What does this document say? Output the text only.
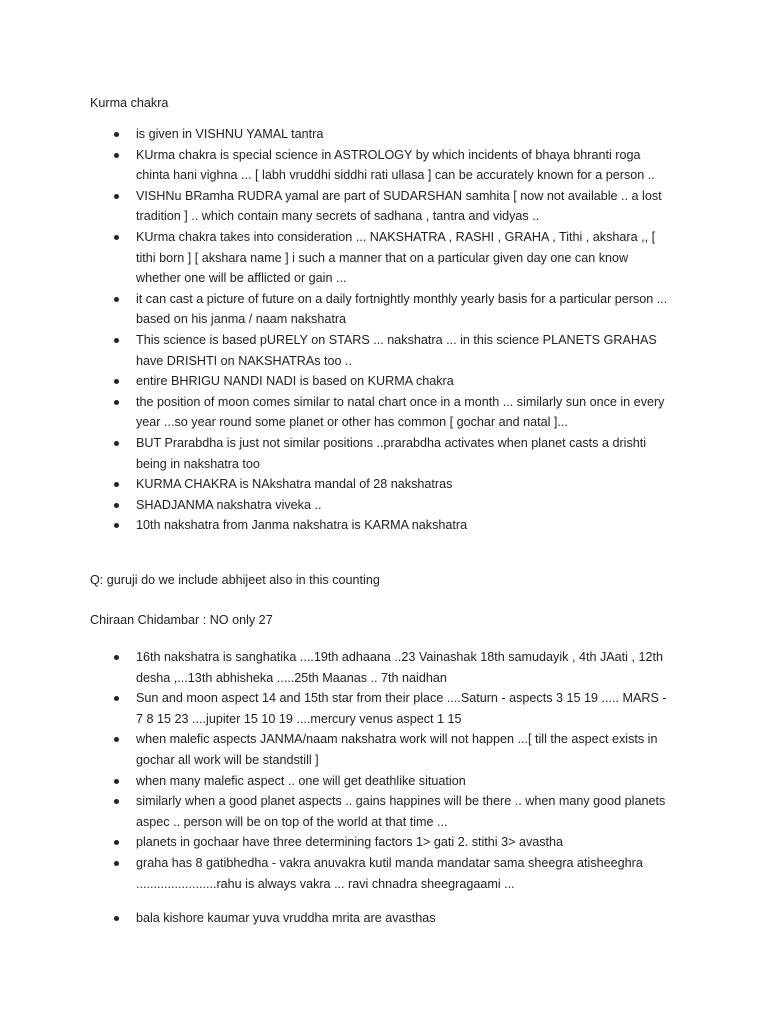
Kurma chakra

is given in VISHNU YAMAL tantra
KUrma chakra is special science in ASTROLOGY by which incidents of bhaya bhranti roga chinta hani vighna ... [ labh vruddhi siddhi rati ullasa ] can be accurately known for a person ..
VISHNu BRamha RUDRA yamal are part of SUDARSHAN samhita [ now not available .. a lost tradition ] .. which contain many secrets of sadhana , tantra and vidyas ..
KUrma chakra takes into consideration ... NAKSHATRA , RASHI , GRAHA , Tithi , akshara ,, [ tithi born ] [ akshara name ] i such a manner that on a particular given day one can know whether one will be afflicted or gain ...
it can cast a picture of future on a daily fortnightly monthly yearly basis for a particular person ... based on his janma / naam nakshatra
This science is based pURELY on STARS ... nakshatra ... in this science PLANETS GRAHAS have DRISHTI on NAKSHATRAs too ..
entire BHRIGU NANDI NADI is based on KURMA chakra
the position of moon comes similar to natal chart once in a month ... similarly sun once in every year ...so year round some planet or other has common [ gochar and natal ]...
BUT Prarabdha is just not similar positions ..prarabdha activates when planet casts a drishti being in nakshatra too
KURMA CHAKRA is NAkshatra mandal of 28 nakshatras
SHADJANMA nakshatra viveka ..
10th nakshatra from Janma nakshatra is KARMA nakshatra

Q: guruji do we include abhijeet also in this counting

Chiraan Chidambar : NO only 27

16th nakshatra is sanghatika ....19th adhaana ..23 Vainashak 18th samudayik , 4th JAati , 12th desha ,...13th abhisheka .....25th Maanas .. 7th naidhan
Sun and moon aspect 14 and 15th star from their place ....Saturn - aspects 3 15 19 ..... MARS - 7 8 15 23 ....jupiter 15 10 19 ....mercury venus aspect 1 15
when malefic aspects JANMA/naam nakshatra work will not happen ...[ till the aspect exists in gochar all work will be standstill ]
when many malefic aspect .. one will get deathlike situation
similarly when a good planet aspects .. gains happines will be there .. when many good planets aspec .. person will be on top of the world at that time ...
planets in gochaar have three determining factors 1> gati 2. stithi 3> avastha
graha has 8 gatibhedha - vakra anuvakra kutil manda mandatar sama sheegra atisheeghra .......................rahu is always vakra ... ravi chnadra sheegragaami ...
bala kishore kaumar yuva vruddha mrita are avasthas
